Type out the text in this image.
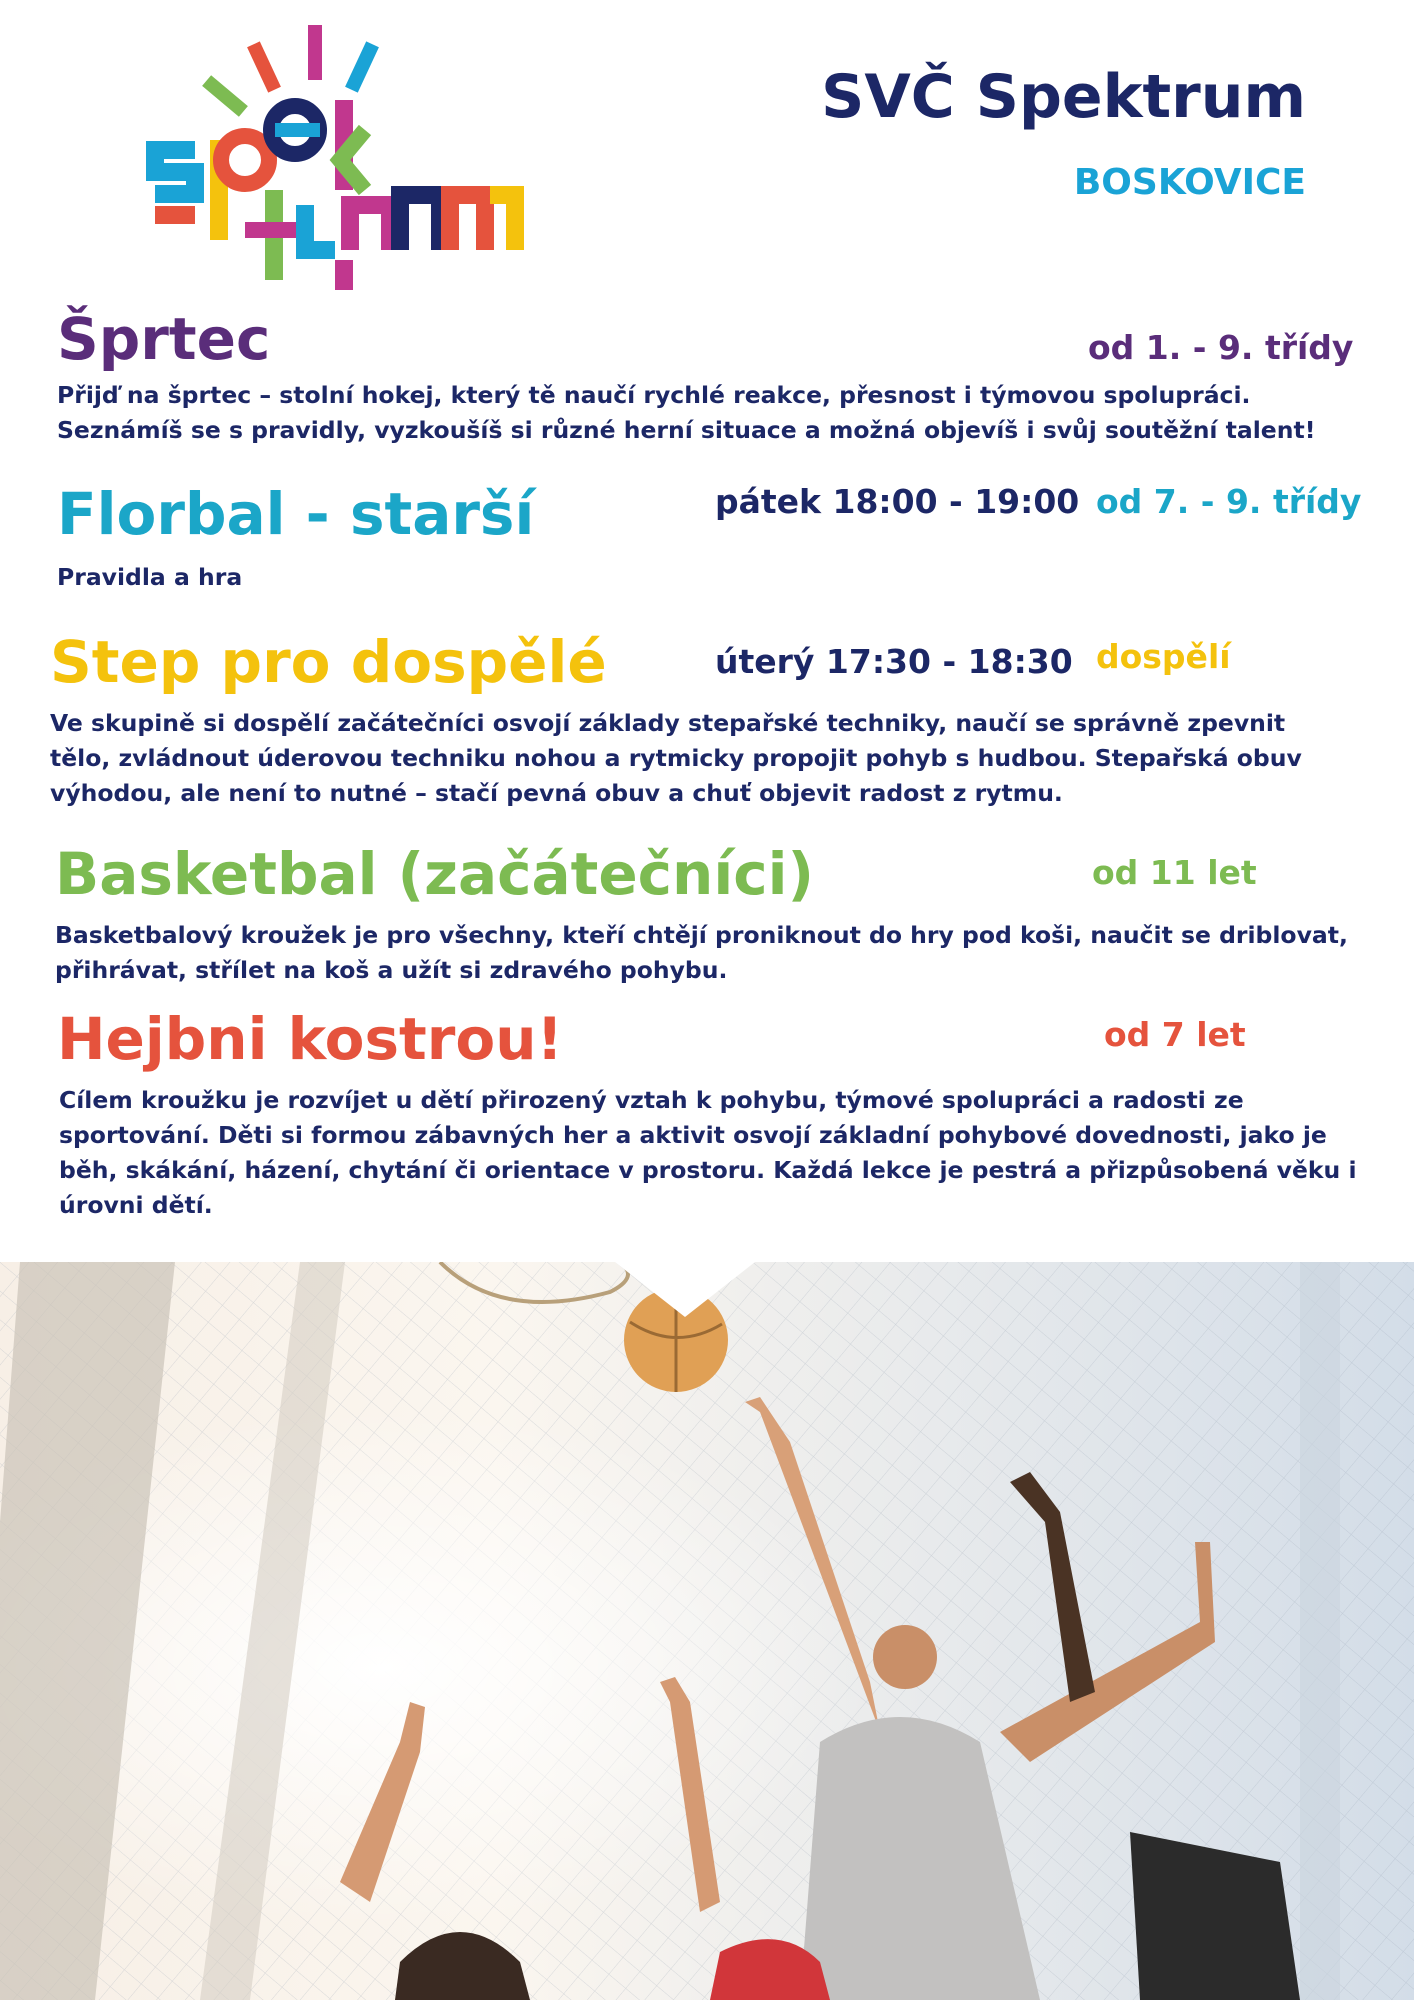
SVČ Spektrum
BOSKOVICE
Šprtec	od 1. - 9. třídy

Přijď na šprtec – stolní hokej, který tě naučí rychlé reakce, přesnost i týmovou spolupráci. Seznámíš se s pravidly, vyzkoušíš si různé herní situace a možná objevíš i svůj soutěžní talent!

Florbal - starší	pátek 18:00 - 19:00 od 7. - 9. třídy

Pravidla a hra

Step pro dospělé	úterý 17:30 - 18:30 dospělí

Ve skupině si dospělí začátečníci osvojí základy stepařské techniky, naučí se správně zpevnit tělo, zvládnout úderovou techniku nohou a rytmicky propojit pohyb s hudbou. Stepařská obuv výhodou, ale není to nutné – stačí pevná obuv a chuť objevit radost z rytmu.

Basketbal (začátečníci)	od 11 let

Basketbalový kroužek je pro všechny, kteří chtějí proniknout do hry pod koši, naučit se driblovat, přihrávat, střílet na koš a užít si zdravého pohybu.

Hejbni kostrou!	od 7 let

Cílem kroužku je rozvíjet u dětí přirozený vztah k pohybu, týmové spolupráci a radosti ze sportování. Děti si formou zábavných her a aktivit osvojí základní pohybové dovednosti, jako je běh, skákání, házení, chytání či orientace v prostoru. Každá lekce je pestrá a přizpůsobená věku i úrovni dětí.
